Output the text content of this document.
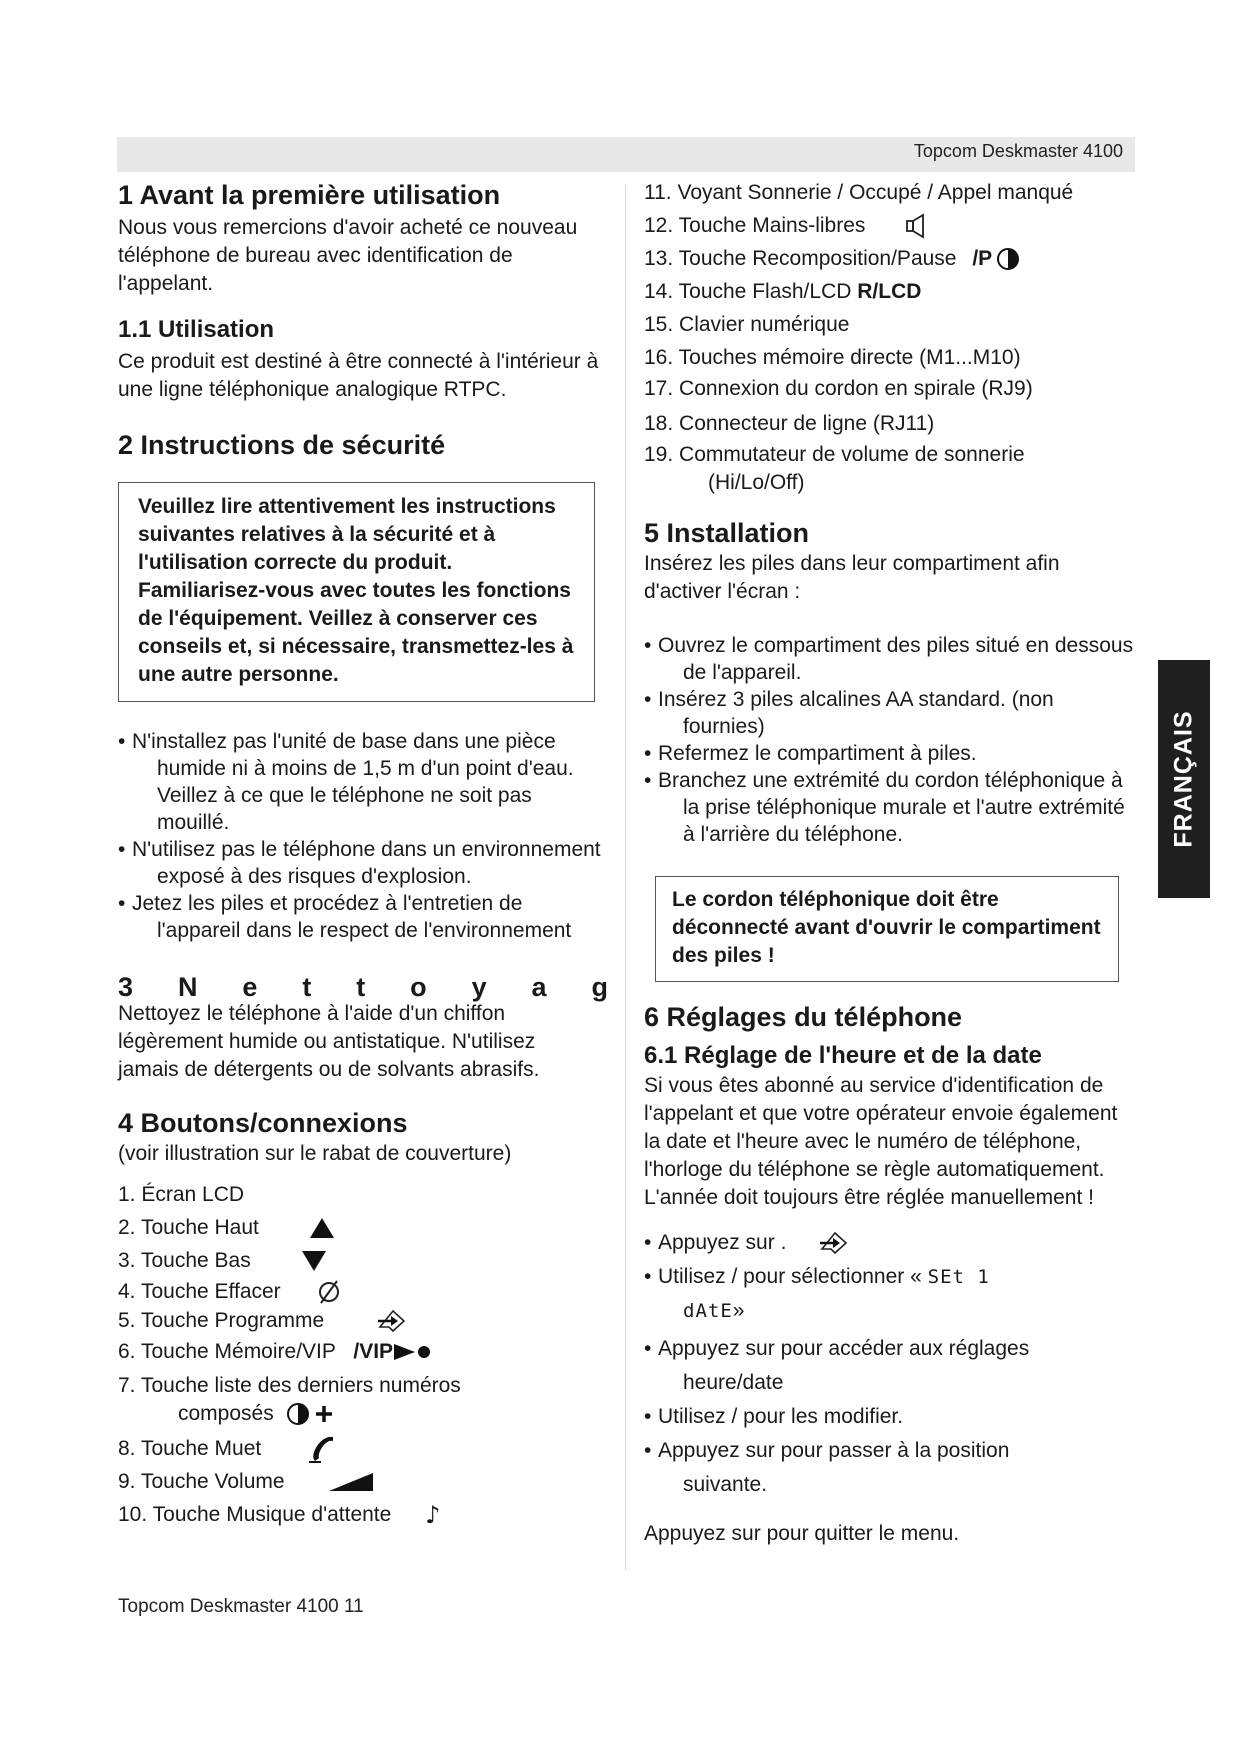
Topcom Deskmaster 4100
1 Avant la première utilisation

Nous vous remercions d'avoir acheté ce nouveau téléphone de bureau avec identification de l'appelant.

1.1 Utilisation

Ce produit est destiné à être connecté à l'intérieur à une ligne téléphonique analogique RTPC.

2 Instructions de sécurité
Veuillez lire attentivement les instructions suivantes relatives à la sécurité et à l'utilisation correcte du produit. Familiarisez-vous avec toutes les fonctions de l'équipement. Veillez à conserver ces conseils et, si nécessaire, transmettez-les à une autre personne.
• N'installez pas l'unité de base dans une pièce humide ni à moins de 1,5 m d'un point d'eau. Veillez à ce que le téléphone ne soit pas mouillé.
• N'utilisez pas le téléphone dans un environnement exposé à des risques d'explosion.
• Jetez les piles et procédez à l'entretien de l'appareil dans le respect de l'environnement
3 N e t t o y a g

Nettoyez le téléphone à l'aide d'un chiffon légèrement humide ou antistatique. N'utilisez jamais de détergents ou de solvants abrasifs.

4 Boutons/connexions

(voir illustration sur le rabat de couverture)

1. Écran LCD
2. Touche Haut
3. Touche Bas
4. Touche Effacer
5. Touche Programme
6. Touche Mémoire/VIP /VIP
7. Touche liste des derniers numéros
composés
8. Touche Muet
9. Touche Volume
10. Touche Musique d'attente ♪
11. Voyant Sonnerie / Occupé / Appel manqué
12. Touche Mains-libres
13. Touche Recomposition/Pause /P
14. Touche Flash/LCD R/LCD
15. Clavier numérique
16. Touches mémoire directe (M1...M10)
17. Connexion du cordon en spirale (RJ9)
18. Connecteur de ligne (RJ11)
19. Commutateur de volume de sonnerie
(Hi/Lo/Off)
5 Installation

Insérez les piles dans leur compartiment afin d'activer l'écran :

• Ouvrez le compartiment des piles situé en dessous de l'appareil.
• Insérez 3 piles alcalines AA standard. (non fournies)
• Refermez le compartiment à piles.
• Branchez une extrémité du cordon téléphonique à la prise téléphonique murale et l'autre extrémité à l'arrière du téléphone.
Le cordon téléphonique doit être déconnecté avant d'ouvrir le compartiment des piles !
6 Réglages du téléphone
6.1 Réglage de l'heure et de la date

Si vous êtes abonné au service d'identification de l'appelant et que votre opérateur envoie également la date et l'heure avec le numéro de téléphone, l'horloge du téléphone se règle automatiquement. L'année doit toujours être réglée manuellement !

• Appuyez sur .
• Utilisez / pour sélectionner « SEt 1
dAtE»
• Appuyez sur pour accéder aux réglages
heure/date
• Utilisez / pour les modifier.
• Appuyez sur pour passer à la position
suivante.

Appuyez sur pour quitter le menu.

FRANÇAIS
Topcom Deskmaster 4100 11
